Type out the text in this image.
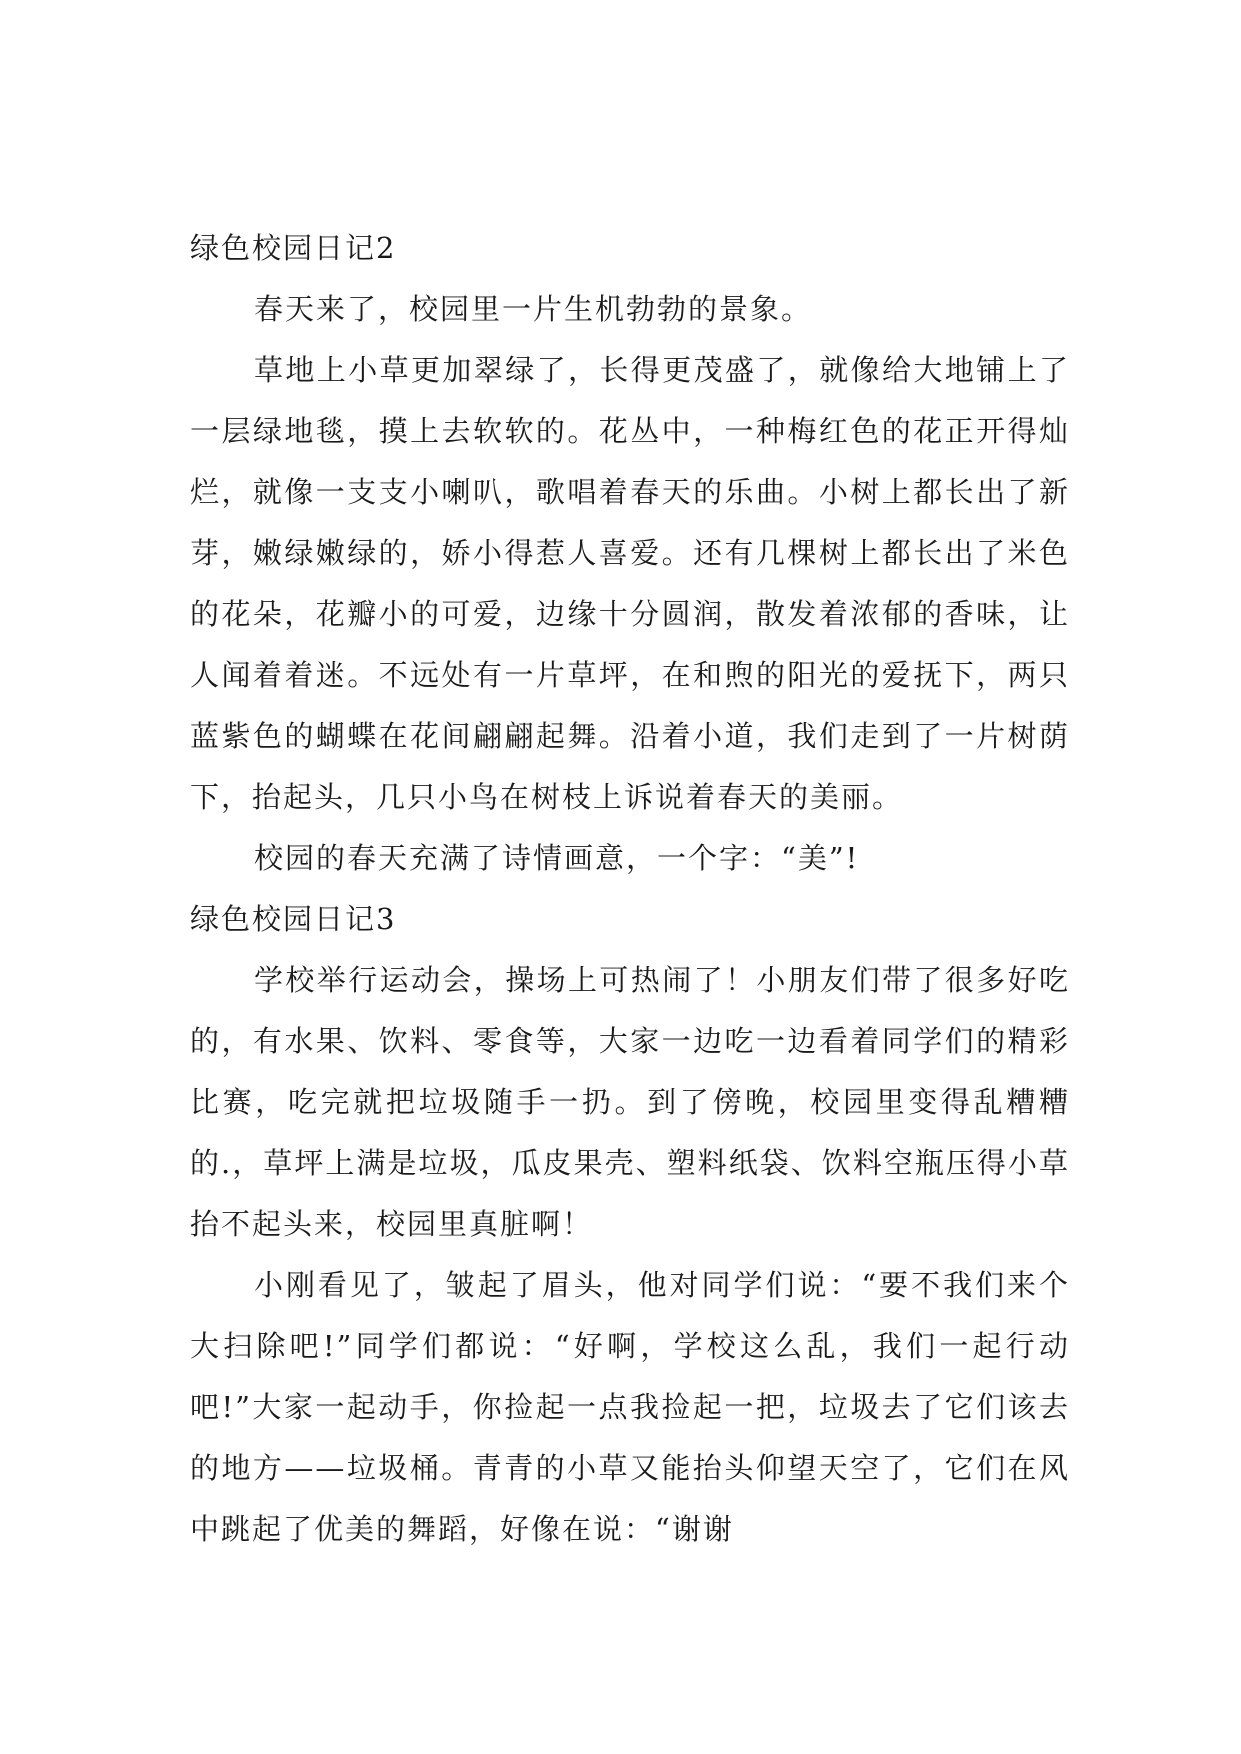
绿色校园日记2

春天来了，校园里一片生机勃勃的景象。

草地上小草更加翠绿了，长得更茂盛了，就像给大地铺上了一层绿地毯，摸上去软软的。花丛中，一种梅红色的花正开得灿烂，就像一支支小喇叭，歌唱着春天的乐曲。小树上都长出了新芽，嫩绿嫩绿的，娇小得惹人喜爱。还有几棵树上都长出了米色的花朵，花瓣小的可爱，边缘十分圆润，散发着浓郁的香味，让人闻着着迷。不远处有一片草坪，在和煦的阳光的爱抚下，两只蓝紫色的蝴蝶在花间翩翩起舞。沿着小道，我们走到了一片树荫下，抬起头，几只小鸟在树枝上诉说着春天的美丽。

校园的春天充满了诗情画意，一个字：“美”!

绿色校园日记3

学校举行运动会，操场上可热闹了！小朋友们带了很多好吃的，有水果、饮料、零食等，大家一边吃一边看着同学们的精彩比赛，吃完就把垃圾随手一扔。到了傍晚，校园里变得乱糟糟的.，草坪上满是垃圾，瓜皮果壳、塑料纸袋、饮料空瓶压得小草抬不起头来，校园里真脏啊！

小刚看见了，皱起了眉头，他对同学们说：“要不我们来个大扫除吧!”同学们都说：“好啊，学校这么乱，我们一起行动吧!”大家一起动手，你捡起一点我捡起一把，垃圾去了它们该去的地方——垃圾桶。青青的小草又能抬头仰望天空了，它们在风中跳起了优美的舞蹈，好像在说：“谢谢
